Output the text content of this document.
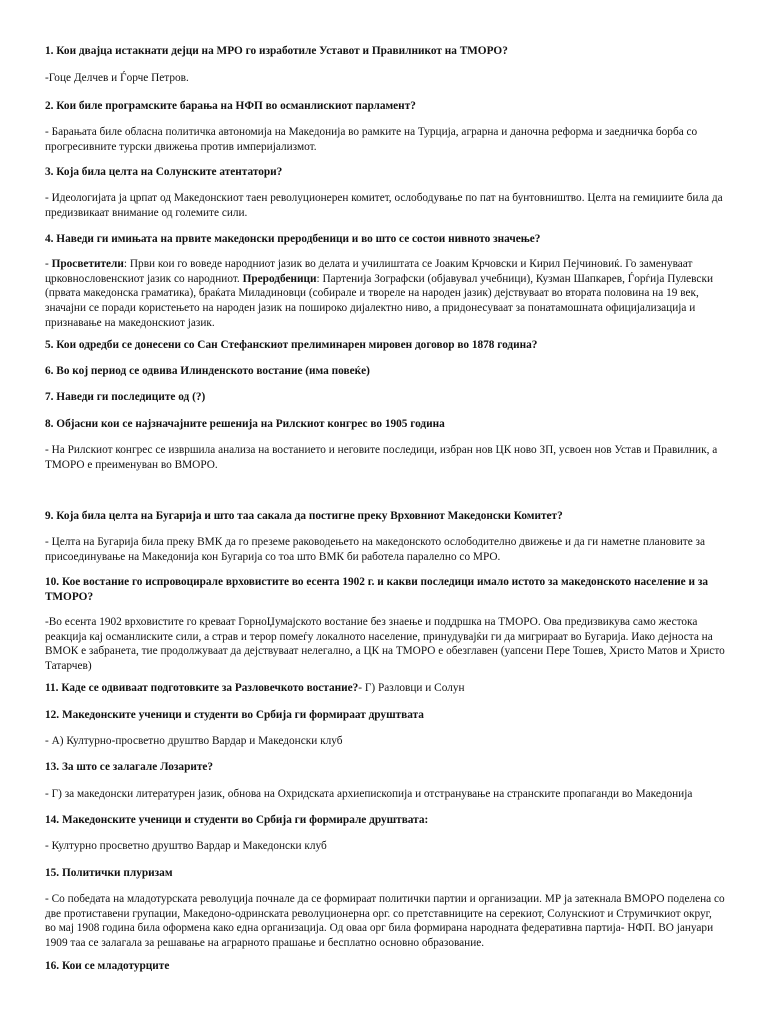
1. Кои двајца истакнати дејци на МРО го изработиле Уставот и Правилникот на ТМОРО?
-Гоце Делчев и Ѓорче Петров.
2. Кои биле програмските барања на НФП во османлискиот парламент?
- Барањата биле обласна политичка автономија на Македонија во рамките на Турција, аграрна и даночна реформа и заедничка борба со прогресивните турски движења против империјализмот.
3. Која била целта на Солунските атентатори?
- Идеологијата ја црпат од Македонскиот таен револуционерен комитет, ослободување по пат на бунтовништво. Целта на гемиџиите била да предизвикаат внимание од големите сили.
4. Наведи ги имињата на првите македонски преродбеници и во што се состои нивното значење?
- Просветители: Први кои го воведе народниот јазик во делата и училиштата се Јоаким Крчовски и Кирил Пејчиновиќ. Го заменуваат црковнословенскиот јазик со народниот. Преродбеници: Партенија Зографски (објавувал учебници), Кузман Шапкарев, Ѓорѓија Пулевски (првата македонска граматика), браќата Миладиновци (собирале и твореле на народен јазик) дејствуваат во втората половина на 19 век, значајни се поради користењето на народен јазик на поширoко дијалектно ниво, а придонесуваат за понатамошната официјализација и признавање на македонскиот јазик.
5. Кои одредби се донесени со Сан Стефанскиот прелиминарен мировен договор во 1878 година?
6. Во кој период се одвива Илинденското востание (има повеќе)
7. Наведи ги последиците од (?)
8. Објасни кои се најзначајните решенија на Рилскиот конгрес во 1905 година
- На Рилскиот конгрес се извршила анализа на востанието и неговите последици, избран нов ЦК ново ЗП, усвоен нов Устав и Правилник, а ТМОРО е преименуван во ВМОРО.
9. Која била целта на Бугарија и што таа сакала да постигне преку Врховниот Македонски Комитет?
- Целта на Бугарија била преку ВМК да го преземе раководењето на македонското ослободително движење и да ги наметне плановите за присоединување на Македонија кон Бугарија со тоа што ВМК би работела паралелно со МРО.
10. Кое востание го испровоцирале врховистите во есента 1902 г. и какви последици имало истото за македонското население и за ТМОРО?
-Во есента 1902 врховистите го креваат ГорноЏумајското востание без знаење и поддршка на ТМОРО. Ова предизвикува само жестока реакција кај османлиските сили, а страв и терор помеѓу локалното население, принудувајќи ги да мигрираат во Бугарија. Иако дејноста на ВМОК е забранета, тие продолжуваат да дејствуваат нелегално, а ЦК на ТМОРО е обезглавен (уапсени Пере Тошев, Христо Матов и Христо Татарчев)
11. Каде се одвиваат подготовките за Разловечкото востание?- Г) Разловци и Солун
12. Македонските ученици и студенти во Србија ги формираат друштвата
- А) Културно-просветно друштво Вардар и Македонски клуб
13. За што се залагале Лозарите?
- Г) за македонски литературен јазик, обнова на Охридската архиепископија и отстранување на странските пропаганди во Македонија
14. Македонските ученици и студенти во Србија ги формирале друштвата:
- Културно просветно друштво Вардар и Македонски клуб
15. Политички плуризам
- Со победата на младотурската револуција почнале да се формираат политички партии и организации. МР ја затекнала ВМОРО поделена со две протиставени групации, Македоно-одринската револуционерна орг. со претставниците на серекиот, Солунскиот и Струмичкиот округ, во мај 1908 година била оформена како една организација. Од оваа орг била формирана народната федеративна партија- НФП. ВО јануари 1909 таа се залагала за решавање на аграрното прашање и бесплатно основно образование.
16. Кои се младотурците
